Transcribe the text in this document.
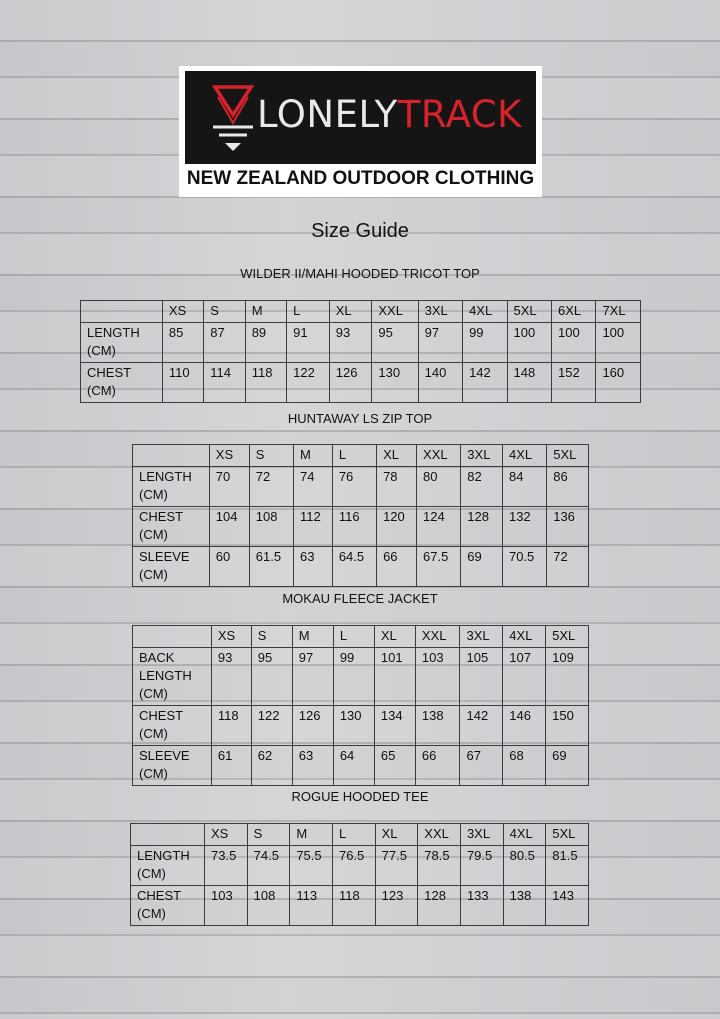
LONELYTRACK
NEW ZEALAND OUTDOOR CLOTHING
Size Guide
WILDER II/MAHI HOODED TRICOT TOP
	XS	S	M	L	XL	XXL	3XL	4XL	5XL	6XL	7XL

LENGTH
(CM)	85	87	89	91	93	95	97	99	100	100	100

CHEST
(CM)	110	114	118	122	126	130	140	142	148	152	160
HUNTAWAY LS ZIP TOP
	XS	S	M	L	XL	XXL	3XL	4XL	5XL

LENGTH
(CM)	70	72	74	76	78	80	82	84	86

CHEST
(CM)	104	108	112	116	120	124	128	132	136

SLEEVE
(CM)	60	61.5	63	64.5	66	67.5	69	70.5	72
MOKAU FLEECE JACKET
	XS	S	M	L	XL	XXL	3XL	4XL	5XL

BACK
LENGTH
(CM)	93	95	97	99	101	103	105	107	109

CHEST
(CM)	118	122	126	130	134	138	142	146	150

SLEEVE
(CM)	61	62	63	64	65	66	67	68	69
ROGUE HOODED TEE
	XS	S	M	L	XL	XXL	3XL	4XL	5XL

LENGTH
(CM)	73.5	74.5	75.5	76.5	77.5	78.5	79.5	80.5	81.5

CHEST
(CM)	103	108	113	118	123	128	133	138	143
